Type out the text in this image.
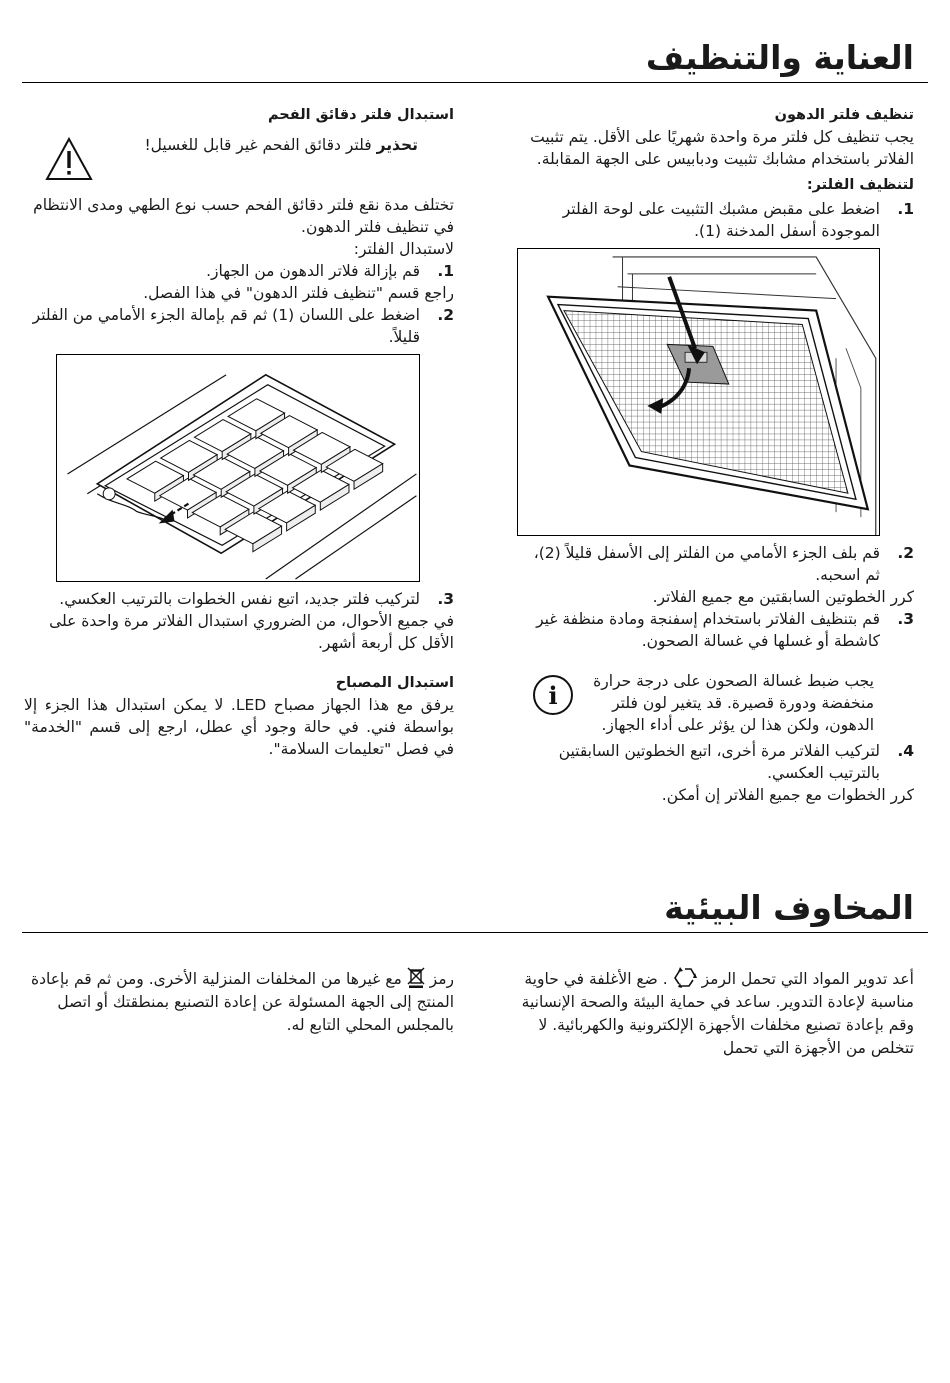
العناية والتنظيف

تنظيف فلتر الدهون

يجب تنظيف كل فلتر مرة واحدة شهريًا على الأقل. يتم تثبيت الفلاتر باستخدام مشابك تثبيت ودبابيس على الجهة المقابلة.

لتنظيف الفلتر:

1.
اضغط على مقبض مشبك التثبيت على لوحة الفلتر الموجودة أسفل المدخنة (1).
2.
قم بلف الجزء الأمامي من الفلتر إلى الأسفل قليلاً (2)، ثم اسحبه.

كرر الخطوتين السابقتين مع جميع الفلاتر.

3.
قم بتنظيف الفلاتر باستخدام إسفنجة ومادة منظفة غير كاشطة أو غسلها في غسالة الصحون.
i يجب ضبط غسالة الصحون على درجة حرارة منخفضة ودورة قصيرة. قد يتغير لون فلتر الدهون، ولكن هذا لن يؤثر على أداء الجهاز.

4.
لتركيب الفلاتر مرة أخرى، اتبع الخطوتين السابقتين بالترتيب العكسي.

كرر الخطوات مع جميع الفلاتر إن أمكن.

استبدال فلتر دقائق الفحم

تحذير فلتر دقائق الفحم غير قابل للغسيل!

تختلف مدة نقع فلتر دقائق الفحم حسب نوع الطهي ومدى الانتظام في تنظيف فلتر الدهون.

لاستبدال الفلتر:

1.
قم بإزالة فلاتر الدهون من الجهاز.

راجع قسم "تنظيف فلتر الدهون" في هذا الفصل.

2.
اضغط على اللسان (1) ثم قم بإمالة الجزء الأمامي من الفلتر قليلاً.
3.
لتركيب فلتر جديد، اتبع نفس الخطوات بالترتيب العكسي.

في جميع الأحوال، من الضروري استبدال الفلاتر مرة واحدة على الأقل كل أربعة أشهر.

استبدال المصباح

يرفق مع هذا الجهاز مصباح LED. لا يمكن استبدال هذا الجزء إلا بواسطة فني. في حالة وجود أي عطل، ارجع إلى قسم "الخدمة" في فصل "تعليمات السلامة".

المخاوف البيئية
أعد تدوير المواد التي تحمل الرمز  . ضع الأغلفة في حاوية مناسبة لإعادة التدوير. ساعد في حماية البيئة والصحة الإنسانية وقم بإعادة تصنيع مخلفات الأجهزة الإلكترونية والكهربائية. لا تتخلص من الأجهزة التي تحمل
رمز  مع غيرها من المخلفات المنزلية الأخرى. ومن ثم قم بإعادة المنتج إلى الجهة المسئولة عن إعادة التصنيع بمنطقتك أو اتصل بالمجلس المحلي التابع له.
